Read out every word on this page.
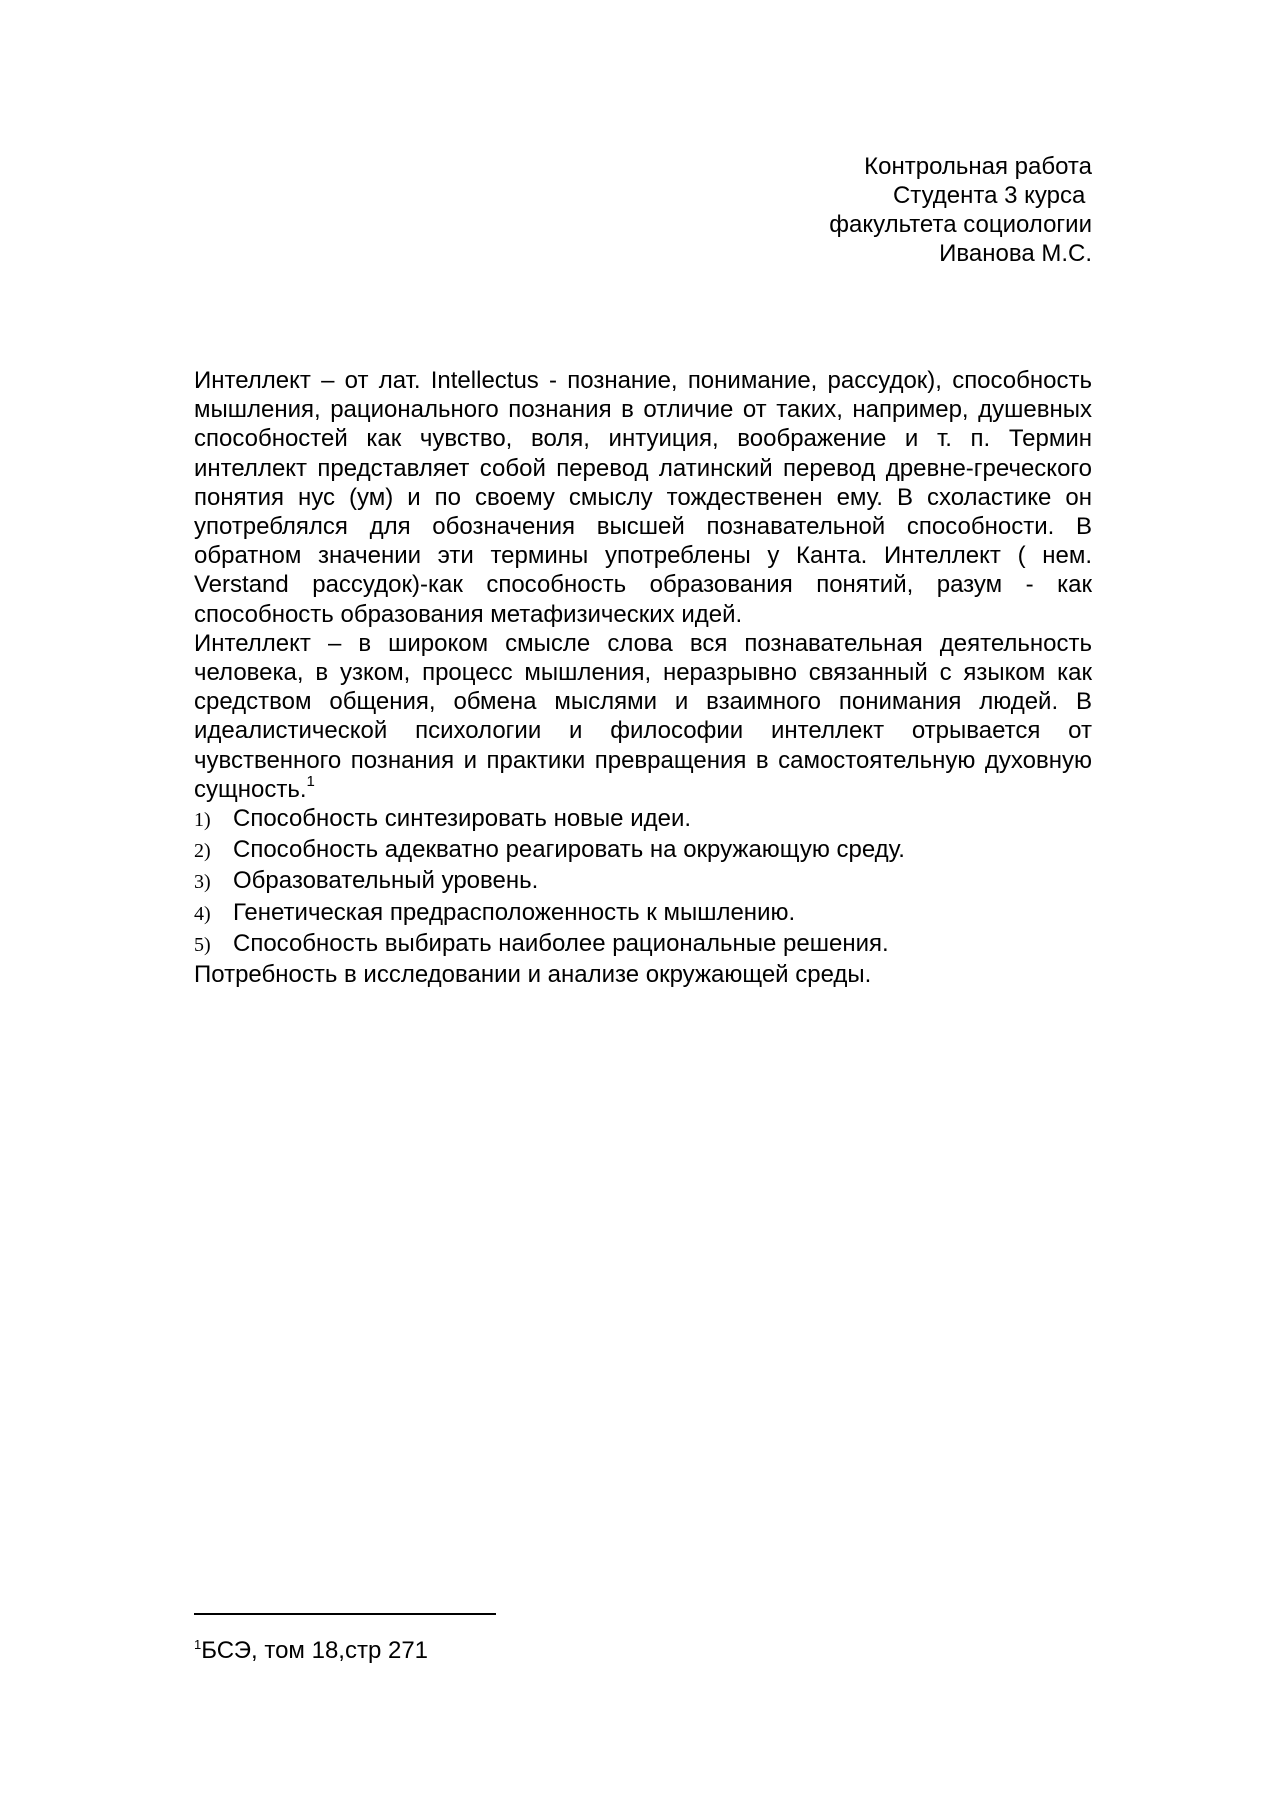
Контрольная работа
Студента 3 курса
факультета социологии
Иванова М.С.

Интеллект – от лат. Intellectus - познание, понимание, рассудок), способность мышления, рационального познания в отличие от таких, например, душевных способностей как чувство, воля, интуиция, воображение и т. п. Термин интеллект представляет собой перевод латинский перевод древне-греческого понятия нус (ум) и по своему смыслу тождественен ему. В схоластике он употреблялся для обозначения высшей познавательной способности. В обратном значении эти термины употреблены у Канта. Интеллект ( нем. Verstand рассудок)-как способность образования понятий, разум - как способность образования метафизических идей.

Интеллект – в широком смысле слова вся познавательная деятельность человека, в узком, процесс мышления, неразрывно связанный с языком как средством общения, обмена мыслями и взаимного понимания людей. В идеалистической психологии и философии интеллект отрывается от чувственного познания и практики превращения в самостоятельную духовную сущность.$^1$

1) Способность синтезировать новые идеи.
2) Способность адекватно реагировать на окружающую среду.
3) Образовательный уровень.
4) Генетическая предрасположенность к мышлению.
5) Способность выбирать наиболее рациональные решения.

Потребность в исследовании и анализе окружающей среды.

$^1$БСЭ, том 18,стр 271
